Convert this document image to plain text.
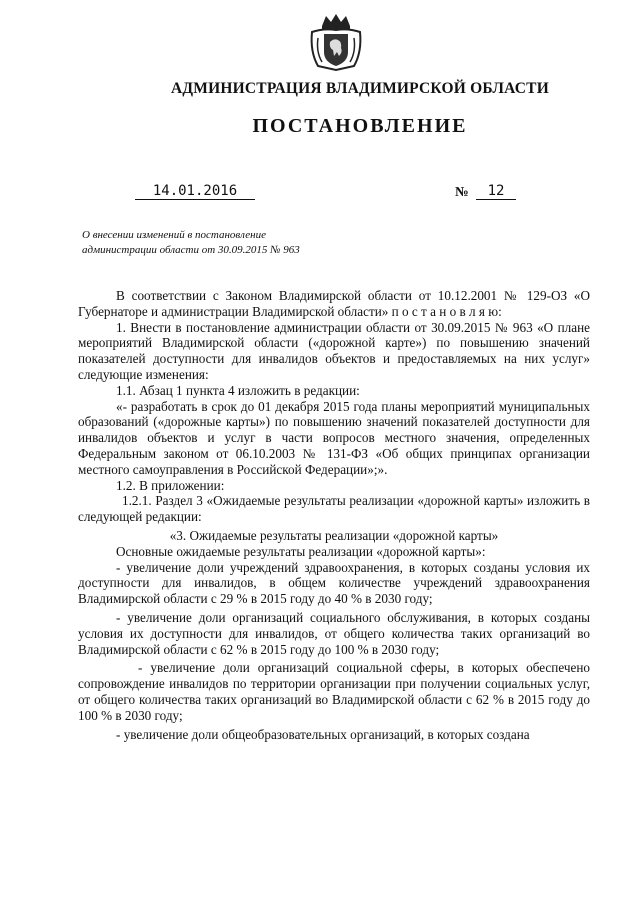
АДМИНИСТРАЦИЯ ВЛАДИМИРСКОЙ ОБЛАСТИ
ПОСТАНОВЛЕНИЕ
14.01.2016	№	12
О внесении изменений в постановление
администрации области от 30.09.2015 № 963

В соответствии с Законом Владимирской области от 10.12.2001 № 129-ОЗ «О Губернаторе и администрации Владимирской области» п о с т а н о в л я ю:

1. Внести в постановление администрации области от 30.09.2015 № 963 «О плане мероприятий Владимирской области («дорожной карте») по повышению значений показателей доступности для инвалидов объектов и предоставляемых на них услуг» следующие изменения:

1.1. Абзац 1 пункта 4 изложить в редакции:

«- разработать в срок до 01 декабря 2015 года планы мероприятий муниципальных образований («дорожные карты») по повышению значений показателей доступности для инвалидов объектов и услуг в части вопросов местного значения, определенных Федеральным законом от 06.10.2003 № 131-ФЗ «Об общих принципах организации местного самоуправления в Российской Федерации»;».

1.2. В приложении:

1.2.1. Раздел 3 «Ожидаемые результаты реализации «дорожной карты» изложить в следующей редакции:

«3. Ожидаемые результаты реализации «дорожной карты»

Основные ожидаемые результаты реализации «дорожной карты»:

- увеличение доли учреждений здравоохранения, в которых созданы условия их доступности для инвалидов, в общем количестве учреждений здравоохранения Владимирской области с 29 % в 2015 году до 40 % в 2030 году;

- увеличение доли организаций социального обслуживания, в которых созданы условия их доступности для инвалидов, от общего количества таких организаций во Владимирской области с 62 % в 2015 году до 100 % в 2030 году;

- увеличение доли организаций социальной сферы, в которых обеспечено сопровождение инвалидов по территории организации при получении социальных услуг, от общего количества таких организаций во Владимирской области с 62 % в 2015 году до 100 % в 2030 году;

- увеличение доли общеобразовательных организаций, в которых создана
